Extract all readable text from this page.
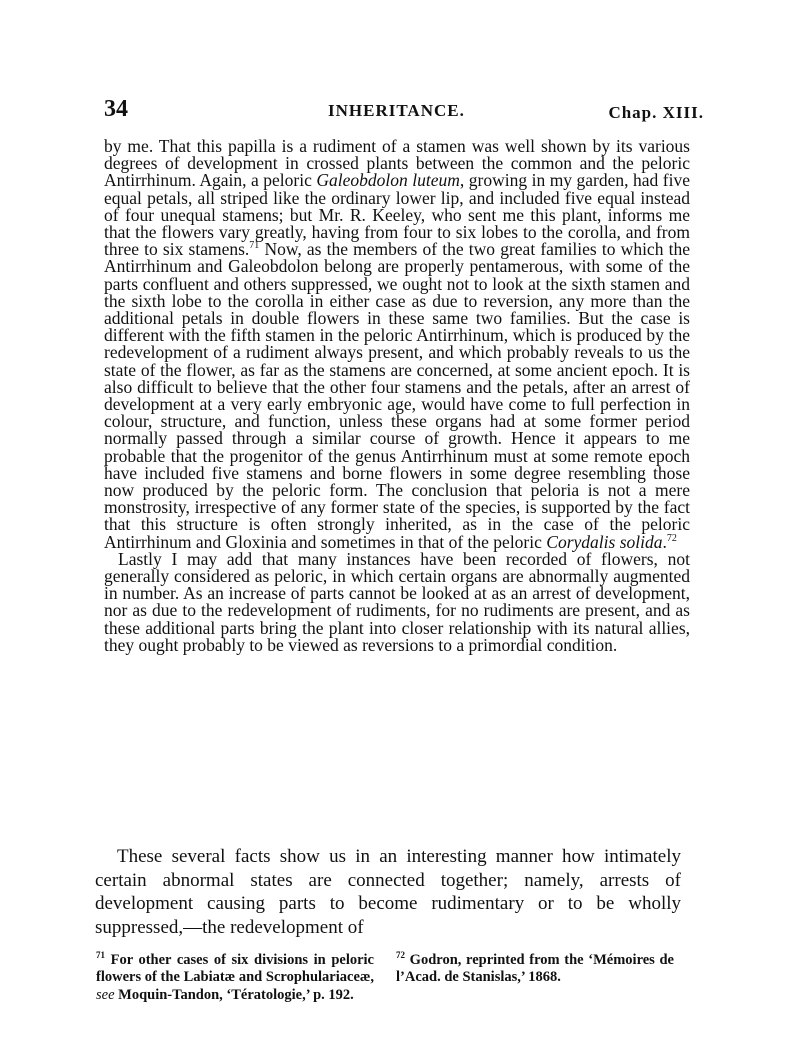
34	INHERITANCE.	Chap. XIII.

by me. That this papilla is a rudiment of a stamen was well shown by its various degrees of development in crossed plants between the common and the peloric Antirrhinum. Again, a peloric Galeobdolon luteum, growing in my garden, had five equal petals, all striped like the ordinary lower lip, and included five equal instead of four unequal stamens; but Mr. R. Keeley, who sent me this plant, informs me that the flowers vary greatly, having from four to six lobes to the corolla, and from three to six stamens.$^{71}$ Now, as the members of the two great families to which the Antirrhinum and Galeobdolon belong are properly pentamerous, with some of the parts confluent and others suppressed, we ought not to look at the sixth stamen and the sixth lobe to the corolla in either case as due to reversion, any more than the additional petals in double flowers in these same two families. But the case is different with the fifth stamen in the peloric Antirrhinum, which is produced by the redevelopment of a rudiment always present, and which probably reveals to us the state of the flower, as far as the stamens are concerned, at some ancient epoch. It is also difficult to believe that the other four stamens and the petals, after an arrest of development at a very early embryonic age, would have come to full perfection in colour, structure, and function, unless these organs had at some former period normally passed through a similar course of growth. Hence it appears to me probable that the progenitor of the genus Antirrhinum must at some remote epoch have included five stamens and borne flowers in some degree resembling those now produced by the peloric form. The conclusion that peloria is not a mere monstrosity, irrespective of any former state of the species, is supported by the fact that this structure is often strongly inherited, as in the case of the peloric Antirrhinum and Gloxinia and sometimes in that of the peloric Corydalis solida.$^{72}$

Lastly I may add that many instances have been recorded of flowers, not generally considered as peloric, in which certain organs are abnormally augmented in number. As an increase of parts cannot be looked at as an arrest of development, nor as due to the redevelopment of rudiments, for no rudiments are present, and as these additional parts bring the plant into closer relationship with its natural allies, they ought probably to be viewed as reversions to a primordial condition.

These several facts show us in an interesting manner how intimately certain abnormal states are connected together; namely, arrests of development causing parts to become rudimentary or to be wholly suppressed,—the redevelopment of

$^{71}$ For other cases of six divisions in peloric flowers of the Labiatæ and Scrophulariaceæ, see Moquin-Tandon, ‘Tératologie,’ p. 192.
$^{72}$ Godron, reprinted from the ‘Mémoires de l’Acad. de Stanislas,’ 1868.
